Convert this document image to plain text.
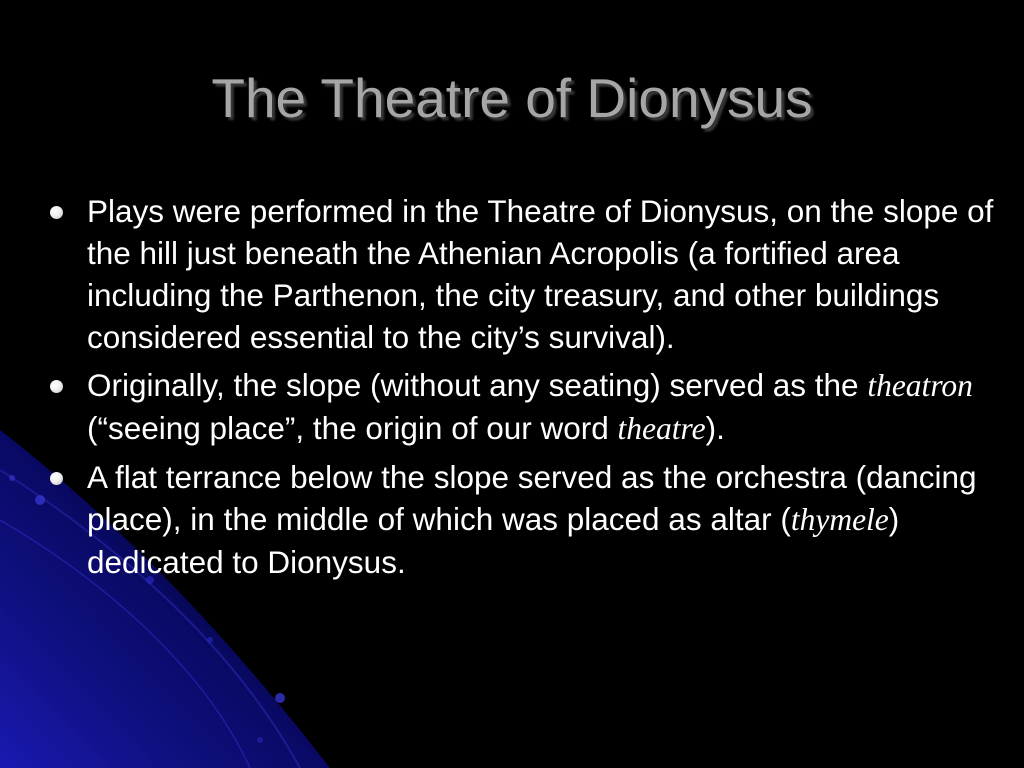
The Theatre of Dionysus
Plays were performed in the Theatre of Dionysus, on the slope of the hill just beneath the Athenian Acropolis (a fortified area including the Parthenon, the city treasury, and other buildings considered essential to the city’s survival).
Originally, the slope (without any seating) served as the theatron (“seeing place”, the origin of our word theatre).
A flat terrance below the slope served as the orchestra (dancing place), in the middle of which was placed as altar (thymele) dedicated to Dionysus.
